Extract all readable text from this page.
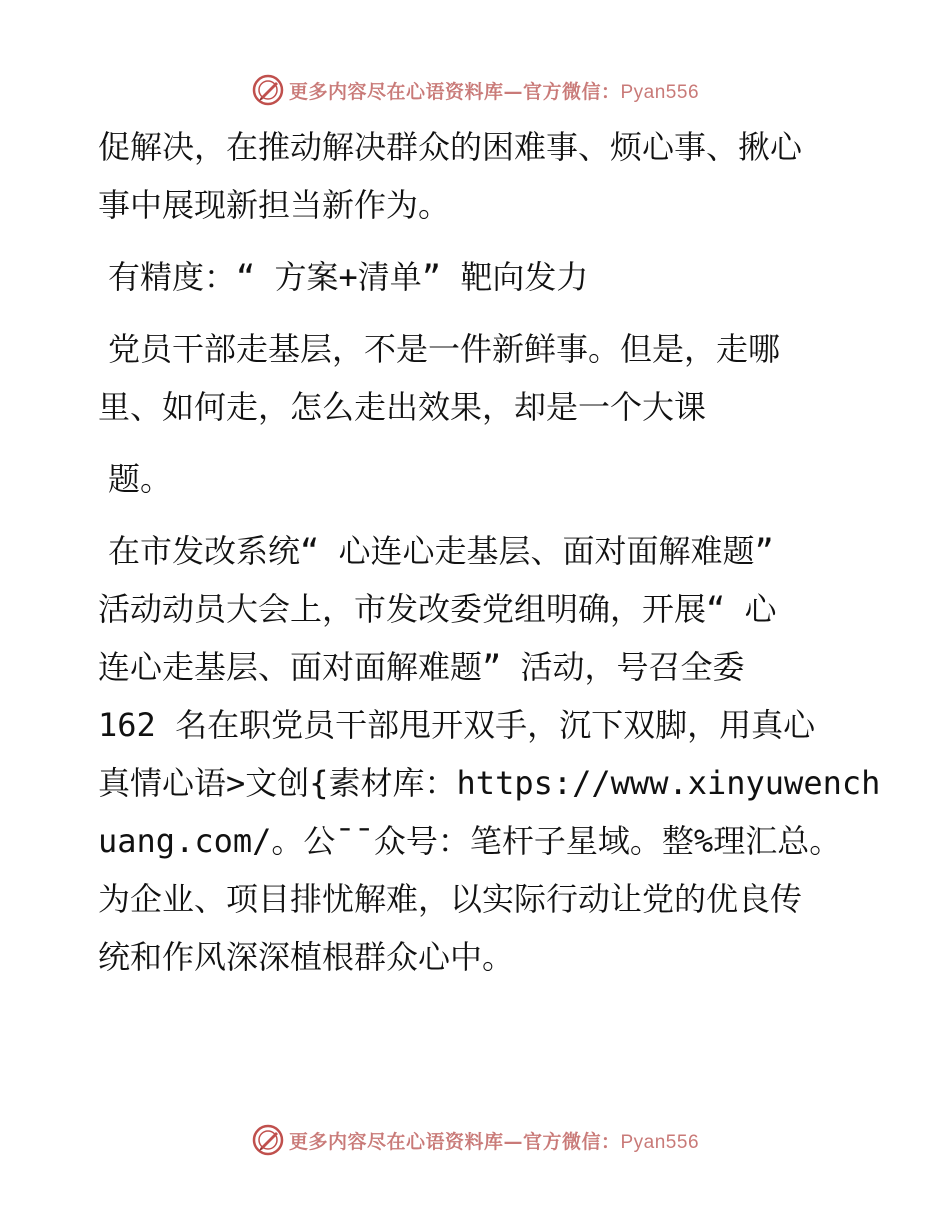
更多内容尽在心语资料库—官方微信：Pyan556
促解决，在推动解决群众的困难事、烦心事、揪心
事中展现新担当新作为。
有精度：“ 方案+清单” 靶向发力
党员干部走基层，不是一件新鲜事。但是，走哪
里、如何走，怎么走出效果，却是一个大课
题。
在市发改系统“ 心连心走基层、面对面解难题”
活动动员大会上，市发改委党组明确，开展“ 心
连心走基层、面对面解难题” 活动，号召全委
162 名在职党员干部甩开双手，沉下双脚，用真心
真情心语>文创{素材库：https://www.xinyuwench
uang.com/。公¯¯众号：笔杆子星域。整%理汇总。
为企业、项目排忧解难，以实际行动让党的优良传
统和作风深深植根群众心中。
更多内容尽在心语资料库—官方微信：Pyan556
